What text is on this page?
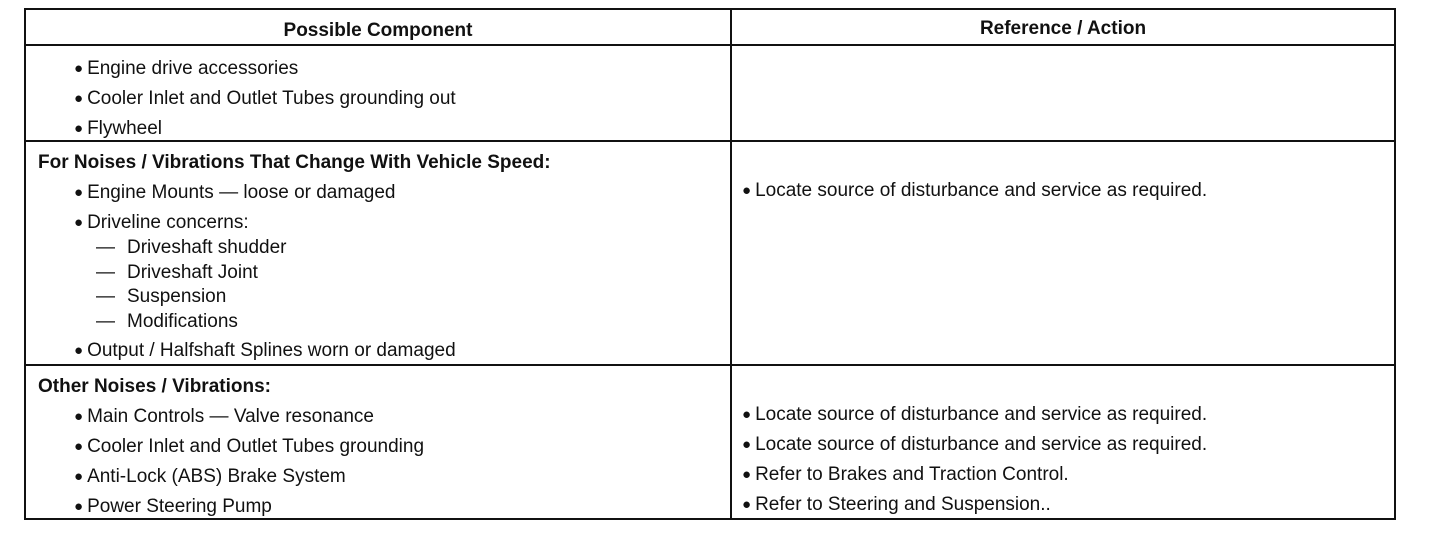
Possible Component	Reference / Action
● Engine drive accessories
● Cooler Inlet and Outlet Tubes grounding out
● Flywheel
For Noises / Vibrations That Change With Vehicle Speed:
● Engine Mounts — loose or damaged
● Driveline concerns:
— Driveshaft shudder
— Driveshaft Joint
— Suspension
— Modifications
● Output / Halfshaft Splines worn or damaged
● Locate source of disturbance and service as required.
Other Noises / Vibrations:
● Main Controls — Valve resonance
● Cooler Inlet and Outlet Tubes grounding
● Anti-Lock (ABS) Brake System
● Power Steering Pump
● Locate source of disturbance and service as required.
● Locate source of disturbance and service as required.
● Refer to Brakes and Traction Control.
● Refer to Steering and Suspension..
